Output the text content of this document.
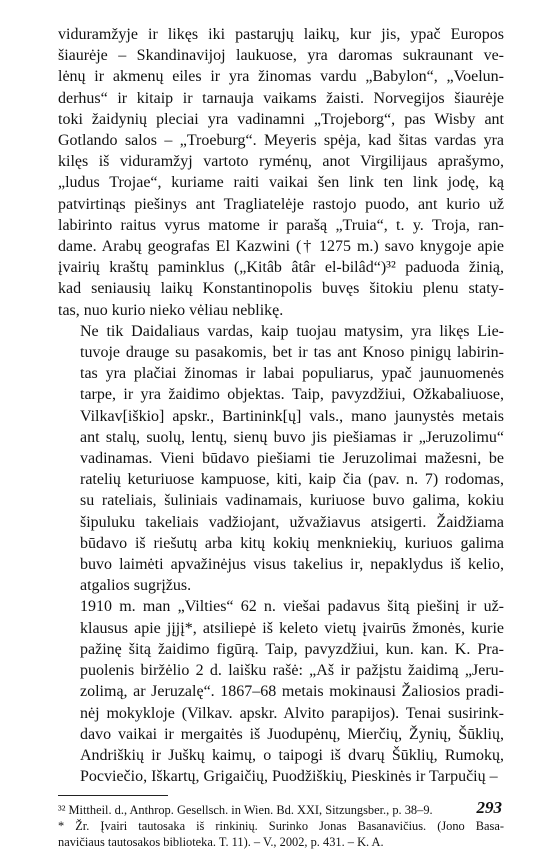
viduramžyje ir likęs iki pastarųjų laikų, kur jis, ypač Europos
šiaurėje – Skandinavijoj laukuose, yra daromas sukraunant ve-
lėnų ir akmenų eiles ir yra žinomas vardu „Babylon“, „Voelun-
derhus“ ir kitaip ir tarnauja vaikams žaisti. Norvegijos šiaurėje
toki žaidynių pleciai yra vadinamni „Trojeborg“, pas Wisby ant
Gotlando salos – „Troeburg“. Meyeris spėja, kad šitas vardas yra
kilęs iš viduramžyj vartoto ryménų, anot Virgilijaus aprašymo,
„ludus Trojae“, kuriame raiti vaikai šen link ten link jodę, ką
patvirtinąs piešinys ant Tragliatelėje rastojo puodo, ant kurio už
labirinto raitus vyrus matome ir parašą „Truia“, t. y. Troja, ran-
dame. Arabų geografas El Kazwini († 1275 m.) savo knygoje apie
įvairių kraštų paminklus („Kitâb âtâr el-bilâd“)³² paduoda žinią,
kad seniausių laikų Konstantinopolis buvęs šitokiu plenu staty-
tas, nuo kurio nieko vėliau neblikę.

Ne tik Daidaliaus vardas, kaip tuojau matysim, yra likęs Lie-
tuvoje drauge su pasakomis, bet ir tas ant Knoso pinigų labirin-
tas yra plačiai žinomas ir labai populiarus, ypač jaunuomenės
tarpe, ir yra žaidimo objektas. Taip, pavyzdžiui, Ožkabaliuose,
Vilkav[iškio] apskr., Bartinink[ų] vals., mano jaunystės metais
ant stalų, suolų, lentų, sienų buvo jis piešiamas ir „Jeruzolimu“
vadinamas. Vieni būdavo piešiami tie Jeruzolimai mažesni, be
ratelių keturiuose kampuose, kiti, kaip čia (pav. n. 7) rodomas,
su rateliais, šuliniais vadinamais, kuriuose buvo galima, kokiu
šipuluku takeliais vadžiojant, užvažiavus atsigerti. Žaidžiama
būdavo iš riešutų arba kitų kokių menkniekių, kuriuos galima
buvo laimėti apvažinėjus visus takelius ir, nepaklydus iš kelio,
atgalios sugrįžus.

1910 m. man „Vilties“ 62 n. viešai padavus šitą piešinį ir už-
klausus apie jįjį*, atsiliepė iš keleto vietų įvairūs žmonės, kurie
pažinę šitą žaidimo figūrą. Taip, pavyzdžiui, kun. kan. K. Pra-
puolenis biržėlio 2 d. laišku rašė: „Aš ir pažįstu žaidimą „Jeru-
zolimą, ar Jeruzalę“. 1867–68 metais mokinausi Žaliosios pradi-
nėj mokykloje (Vilkav. apskr. Alvito parapijos). Tenai susirink-
davo vaikai ir mergaitės iš Juodupėnų, Mierčių, Žynių, Šūklių,
Andriškių ir Juškų kaimų, o taipogi iš dvarų Šūklių, Rumokų,
Pocviečio, Iškartų, Grigaičių, Puodžiškių, Pieskinės ir Tarpučių –

³² Mittheil. d., Anthrop. Gesellsch. in Wien. Bd. XXI, Sitzungsber., p. 38–9.
* Žr. Įvairi tautosaka iš rinkinių. Surinko Jonas Basanavičius. (Jono Basa-
navičiaus tautosakos biblioteka. T. 11). – V., 2002, p. 431. – K. A.
293
